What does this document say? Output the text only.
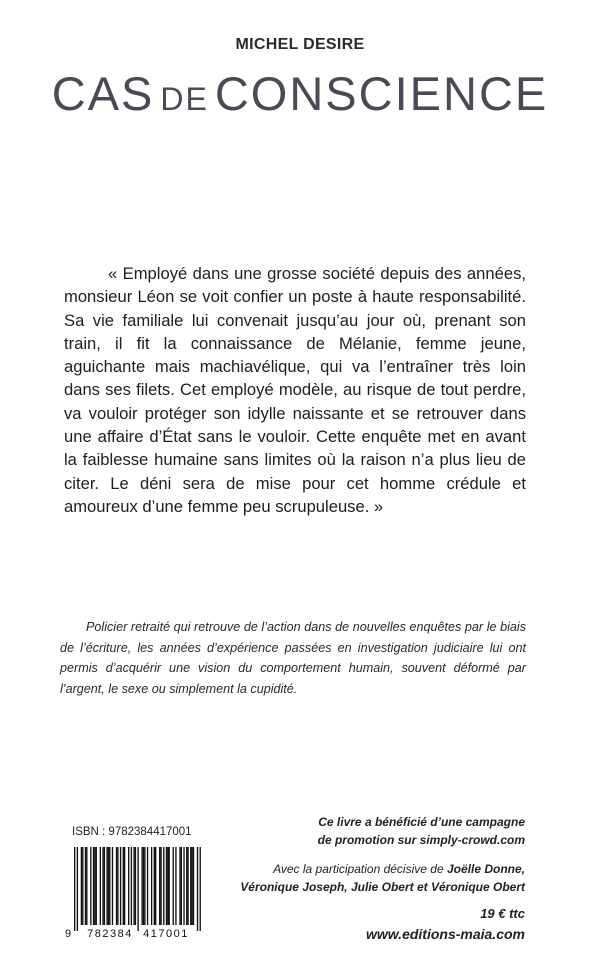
MICHEL DESIRE
CAS DE CONSCIENCE

« Employé dans une grosse société depuis des années, monsieur Léon se voit confier un poste à haute responsabilité. Sa vie familiale lui convenait jusqu’au jour où, prenant son train, il fit la connaissance de Mélanie, femme jeune, aguichante mais machiavélique, qui va l’entraîner très loin dans ses filets. Cet employé modèle, au risque de tout perdre, va vouloir protéger son idylle naissante et se retrouver dans une affaire d’État sans le vouloir. Cette enquête met en avant la faiblesse humaine sans limites où la raison n’a plus lieu de citer. Le déni sera de mise pour cet homme crédule et amoureux d’une femme peu scrupuleuse. »

Policier retraité qui retrouve de l’action dans de nouvelles enquêtes par le biais de l’écriture, les années d’expérience passées en investigation judiciaire lui ont permis d’acquérir une vision du comportement humain, souvent déformé par l’argent, le sexe ou simplement la cupidité.

ISBN : 9782384417001
9 782384 417001
Ce livre a bénéficié d’une campagne
de promotion sur simply-crowd.com
Avec la participation décisive de Joëlle Donne,
Véronique Joseph, Julie Obert et Véronique Obert
19 € ttc
www.editions-maia.com
